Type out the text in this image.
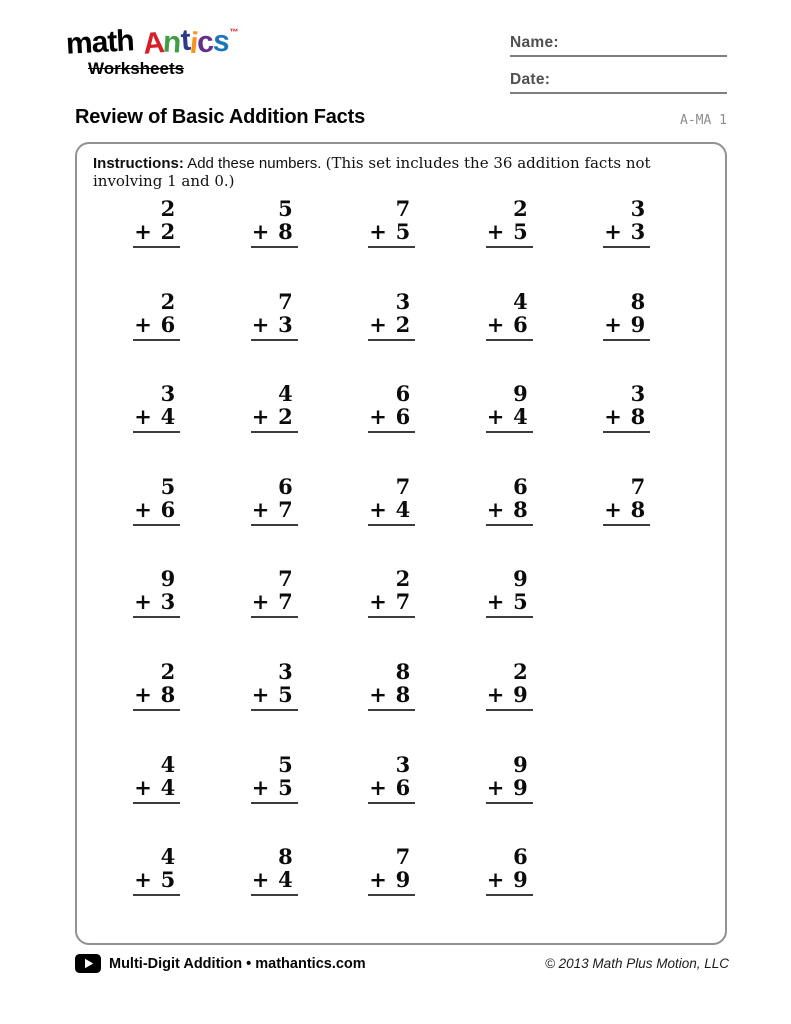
math Antics™
Worksheets
Name:
Date:
Review of Basic Addition Facts	A-MA 1
Instructions: Add these numbers. (This set includes the 36 addition facts not involving 1 and 0.)
2
+ 2
5
+ 8
7
+ 5
2
+ 5
3
+ 3
2
+ 6
7
+ 3
3
+ 2
4
+ 6
8
+ 9
3
+ 4
4
+ 2
6
+ 6
9
+ 4
3
+ 8
5
+ 6
6
+ 7
7
+ 4
6
+ 8
7
+ 8
9
+ 3
7
+ 7
2
+ 7
9
+ 5
2
+ 8
3
+ 5
8
+ 8
2
+ 9
4
+ 4
5
+ 5
3
+ 6
9
+ 9
4
+ 5
8
+ 4
7
+ 9
6
+ 9
Multi-Digit Addition • mathantics.com	© 2013 Math Plus Motion, LLC
